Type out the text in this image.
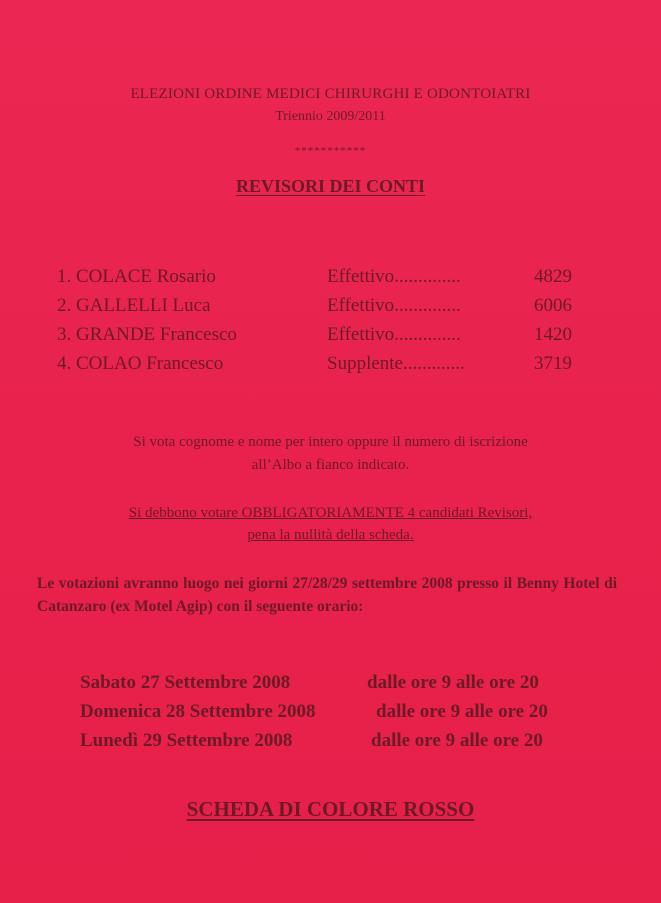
ELEZIONI ORDINE MEDICI CHIRURGHI E ODONTOIATRI
Triennio 2009/2011
***********
REVISORI DEI CONTI
1. COLACE Rosario	Effettivo..............	4829
2. GALLELLI Luca	Effettivo..............	6006
3. GRANDE Francesco	Effettivo..............	1420
4. COLAO Francesco	Supplente.............	3719
Si vota cognome e nome per intero oppure il numero di iscrizione
all’Albo a fianco indicato.
Si debbono votare OBBLIGATORIAMENTE 4 candidati Revisori,
pena la nullità della scheda.
Le votazioni avranno luogo nei giorni 27/28/29 settembre 2008 presso il Benny Hotel di Catanzaro (ex Motel Agip) con il seguente orario:
Sabato 27 Settembre 2008	dalle ore 9 alle ore 20
Domenica 28 Settembre 2008	dalle ore 9 alle ore 20
Lunedì 29 Settembre 2008	dalle ore 9 alle ore 20
SCHEDA DI COLORE ROSSO
